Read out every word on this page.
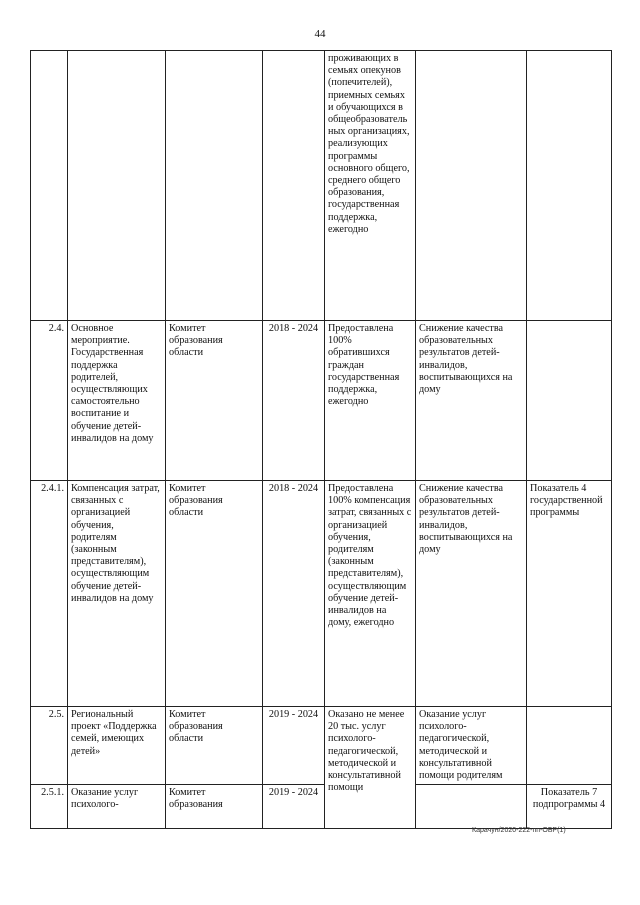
44
				проживающих в семьях опекунов (попечителей), приемных семьях и обучающихся в общеобразовательных организациях, реализующих программы основного общего, среднего общего образования, государственная поддержка, ежегодно		
2.4.	Основное мероприятие. Государственная поддержка родителей, осуществляющих самостоятельно воспитание и обучение детей-инвалидов на дому	Комитет образования области	2018 - 2024	Предоставлена 100% обратившихся граждан государственная поддержка, ежегодно	Снижение качества образовательных результатов детей-инвалидов, воспитывающихся на дому	
2.4.1.	Компенсация затрат, связанных с организацией обучения, родителям (законным представителям), осуществляющим обучение детей-инвалидов на дому	Комитет образования области	2018 - 2024	Предоставлена 100% компенсация затрат, связанных с организацией обучения, родителям (законным представителям), осуществляющим обучение детей-инвалидов на дому, ежегодно	Снижение качества образовательных результатов детей-инвалидов, воспитывающихся на дому	Показатель 4 государственной программы
2.5.	Региональный проект «Поддержка семей, имеющих детей»	Комитет образования области	2019 - 2024	Оказано не менее 20 тыс. услуг психолого-педагогической, методической и консультативной помощи	Оказание услуг психолого-педагогической, методической и консультативной помощи родителям	
2.5.1.	Оказание услуг психолого-	Комитет образования	2019 - 2024			Показатель 7 подпрограммы 4
Карачун/2020-222-пп-ОБР(1)
